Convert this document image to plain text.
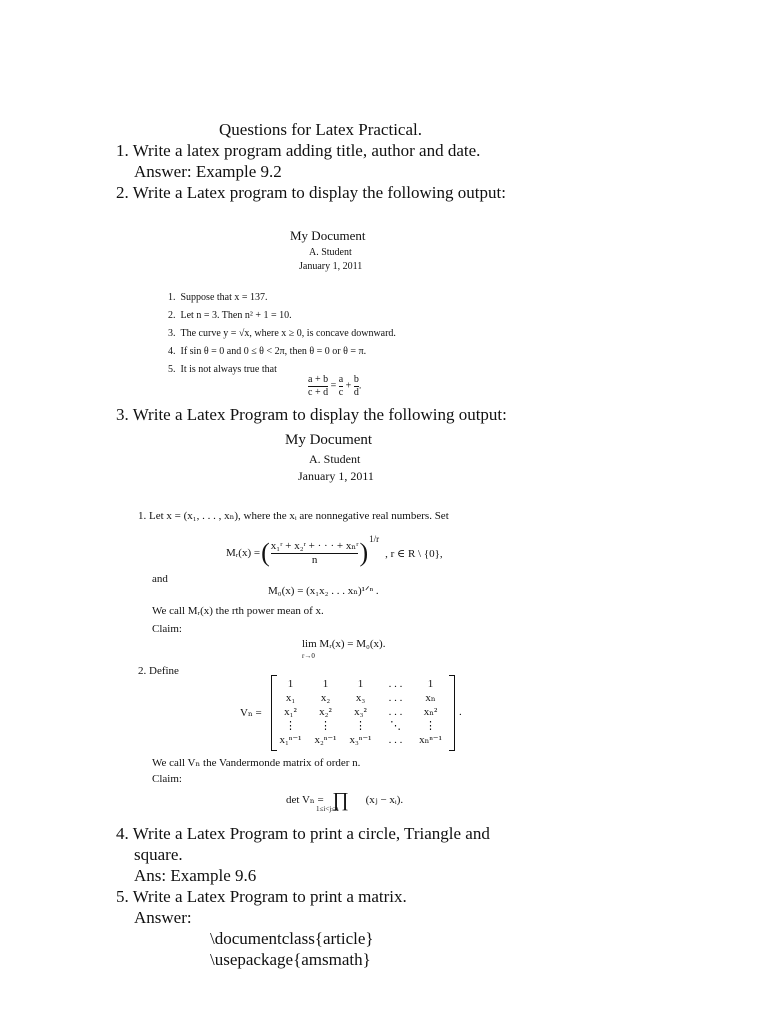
Questions for Latex Practical.
1. Write a latex program adding title, author and date.
Answer: Example 9.2
2. Write a Latex program to display the following output:
My Document
A. Student
January 1, 2011
1. Suppose that x = 137.
2. Let n = 3. Then n² + 1 = 10.
3. The curve y = √x, where x ≥ 0, is concave downward.
4. If sin θ = 0 and 0 ≤ θ < 2π, then θ = 0 or θ = π.
5. It is not always true that
$\frac{a + b}{c + d} = \frac{a}{c} + \frac{b}{d}$ .
3. Write a Latex Program to display the following output:
My Document
A. Student
January 1, 2011
1. Let x = (x₁, . . . , xₙ), where the xᵢ are nonnegative real numbers. Set
Mᵣ(x) = ( $\frac{\text{x₁ʳ + x₂ʳ + · · · + xₙʳ}}{n}$ ) 1/r
, r ∈ R \ {0},
and
M₀(x) = (x₁x₂ . . . xₙ)¹ᐟⁿ .
We call Mᵣ(x) the rth power mean of x.
Claim:
lim Mᵣ(x) = M₀(x).
r→0
2. Define
Vₙ =
1	1	1	. . .	1
x₁	x₂	x₃	. . .	xₙ
x₁²	x₂²	x₃²	. . .	xₙ²
⋮	⋮	⋮	⋱	⋮
x₁ⁿ⁻¹	x₂ⁿ⁻¹	x₃ⁿ⁻¹	. . .	xₙⁿ⁻¹
.
We call Vₙ the Vandermonde matrix of order n.
Claim:
det Vₙ = ∏ (xⱼ − xᵢ).
1≤i<j≤n
4. Write a Latex Program to print a circle, Triangle and
square.
Ans: Example 9.6
5. Write a Latex Program to print a matrix.
Answer:
\documentclass{article}
\usepackage{amsmath}
